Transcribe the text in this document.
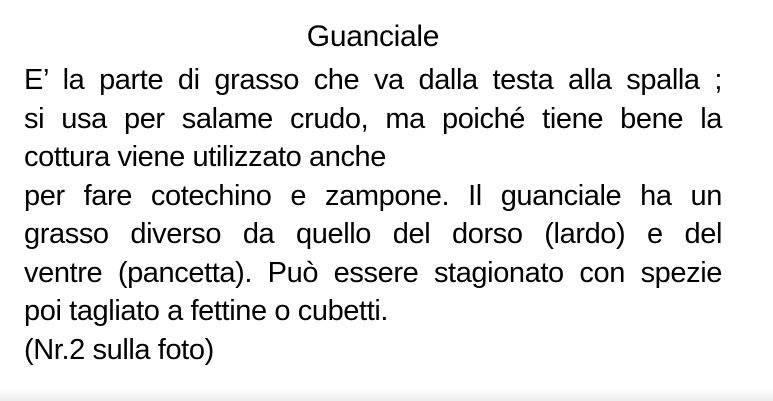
Guanciale
E’ la parte di grasso che va dalla testa alla spalla ;
si usa per salame crudo, ma poiché tiene bene la
cottura viene utilizzato anche
per fare cotechino e zampone. Il guanciale ha un
grasso diverso da quello del dorso (lardo) e del
ventre (pancetta). Può essere stagionato con spezie
poi tagliato a fettine o cubetti.
(Nr.2 sulla foto)
